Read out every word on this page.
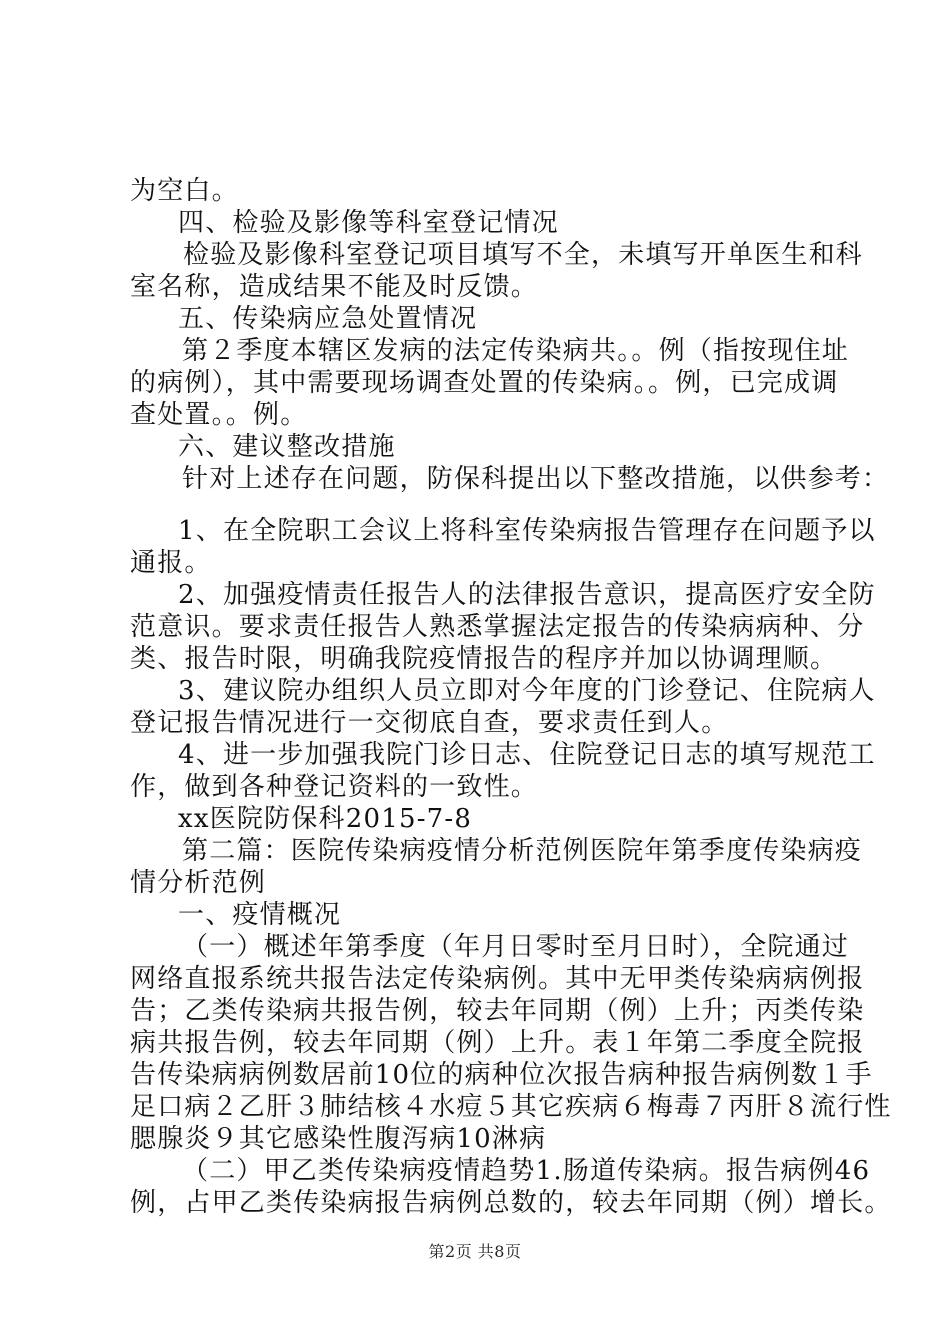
为空白。
四、检验及影像等科室登记情况
检验及影像科室登记项目填写不全，未填写开单医生和科
室名称，造成结果不能及时反馈。
五、传染病应急处置情况
第２季度本辖区发病的法定传染病共。。例（指按现住址
的病例），其中需要现场调查处置的传染病。。例，已完成调
查处置。。例。
六、建议整改措施
针对上述存在问题，防保科提出以下整改措施，以供参考：
1、在全院职工会议上将科室传染病报告管理存在问题予以
通报。
2、加强疫情责任报告人的法律报告意识，提高医疗安全防
范意识。要求责任报告人熟悉掌握法定报告的传染病病种、分
类、报告时限，明确我院疫情报告的程序并加以协调理顺。
3、建议院办组织人员立即对今年度的门诊登记、住院病人
登记报告情况进行一交彻底自查，要求责任到人。
4、进一步加强我院门诊日志、住院登记日志的填写规范工
作，做到各种登记资料的一致性。
xx医院防保科2015-7-8
第二篇：医院传染病疫情分析范例医院年第季度传染病疫
情分析范例
一、疫情概况
（一）概述年第季度（年月日零时至月日时），全院通过
网络直报系统共报告法定传染病例。其中无甲类传染病病例报
告；乙类传染病共报告例，较去年同期（例）上升；丙类传染
病共报告例，较去年同期（例）上升。表１年第二季度全院报
告传染病病例数居前10位的病种位次报告病种报告病例数１手
足口病２乙肝３肺结核４水痘５其它疾病６梅毒７丙肝８流行性
腮腺炎９其它感染性腹泻病10淋病
（二）甲乙类传染病疫情趋势1.肠道传染病。报告病例46
例，占甲乙类传染病报告病例总数的，较去年同期（例）增长。
第2页 共8页
